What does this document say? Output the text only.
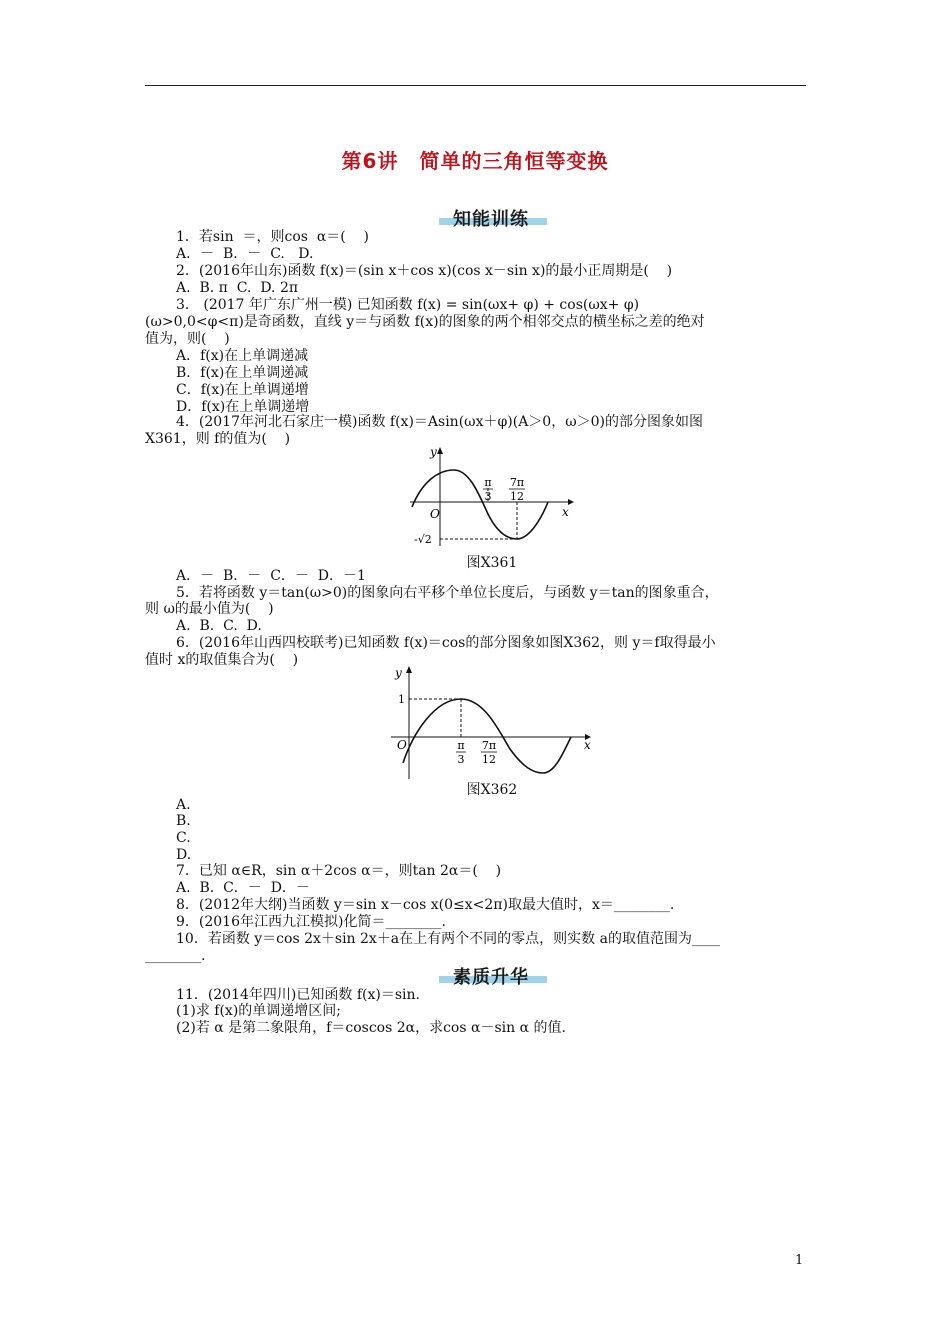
第6讲　简单的三角恒等变换
知能训练
1．若sin  ＝，则cos  α＝(    )
A．－  B．－  C.   D.
2．(2016年山东)函数 f(x)＝(sin x＋cos x)(cos x－sin x)的最小正周期是(    )
A.  B. π  C.  D. 2π
3． (2017 年广东广州一模) 已知函数 f(x) = sin(ωx+ φ) + cos(ωx+ φ)
(ω>0,0<φ<π)是奇函数，直线 y＝与函数 f(x)的图象的两个相邻交点的横坐标之差的绝对
值为，则(    )
A．f(x)在上单调递减
B．f(x)在上单调递减
C．f(x)在上单调递增
D．f(x)在上单调递增
4．(2017年河北石家庄一模)函数 f(x)＝Asin(ωx＋φ)(A＞0，ω＞0)的部分图象如图
X361，则 f的值为(    )
y
x
O
π
3
7π
12
-√2
图X361
A．－  B．－  C．－  D．－1
5．若将函数 y＝tan(ω>0)的图象向右平移个单位长度后，与函数 y＝tan的图象重合，
则 ω的最小值为(    )
A.  B.  C.  D.
6．(2016年山西四校联考)已知函数 f(x)＝cos的部分图象如图X362，则 y＝f取得最小
值时 x的取值集合为(    )
y
x
O
1
π
3
7π
12
图X362
A.
B.
C.
D.
7．已知 α∈R，sin α＋2cos α＝，则tan 2α＝(    )
A.  B.  C．－  D．－
8．(2012年大纲)当函数 y＝sin x－cos x(0≤x<2π)取最大值时，x＝________.
9．(2016年江西九江模拟)化简＝________.
10．若函数 y＝cos 2x＋sin 2x＋a在上有两个不同的零点，则实数 a的取值范围为____
________.
素质升华
11．(2014年四川)已知函数 f(x)＝sin.
(1)求 f(x)的单调递增区间;
(2)若 α 是第二象限角，f＝coscos 2α，求cos α－sin α 的值.
1
